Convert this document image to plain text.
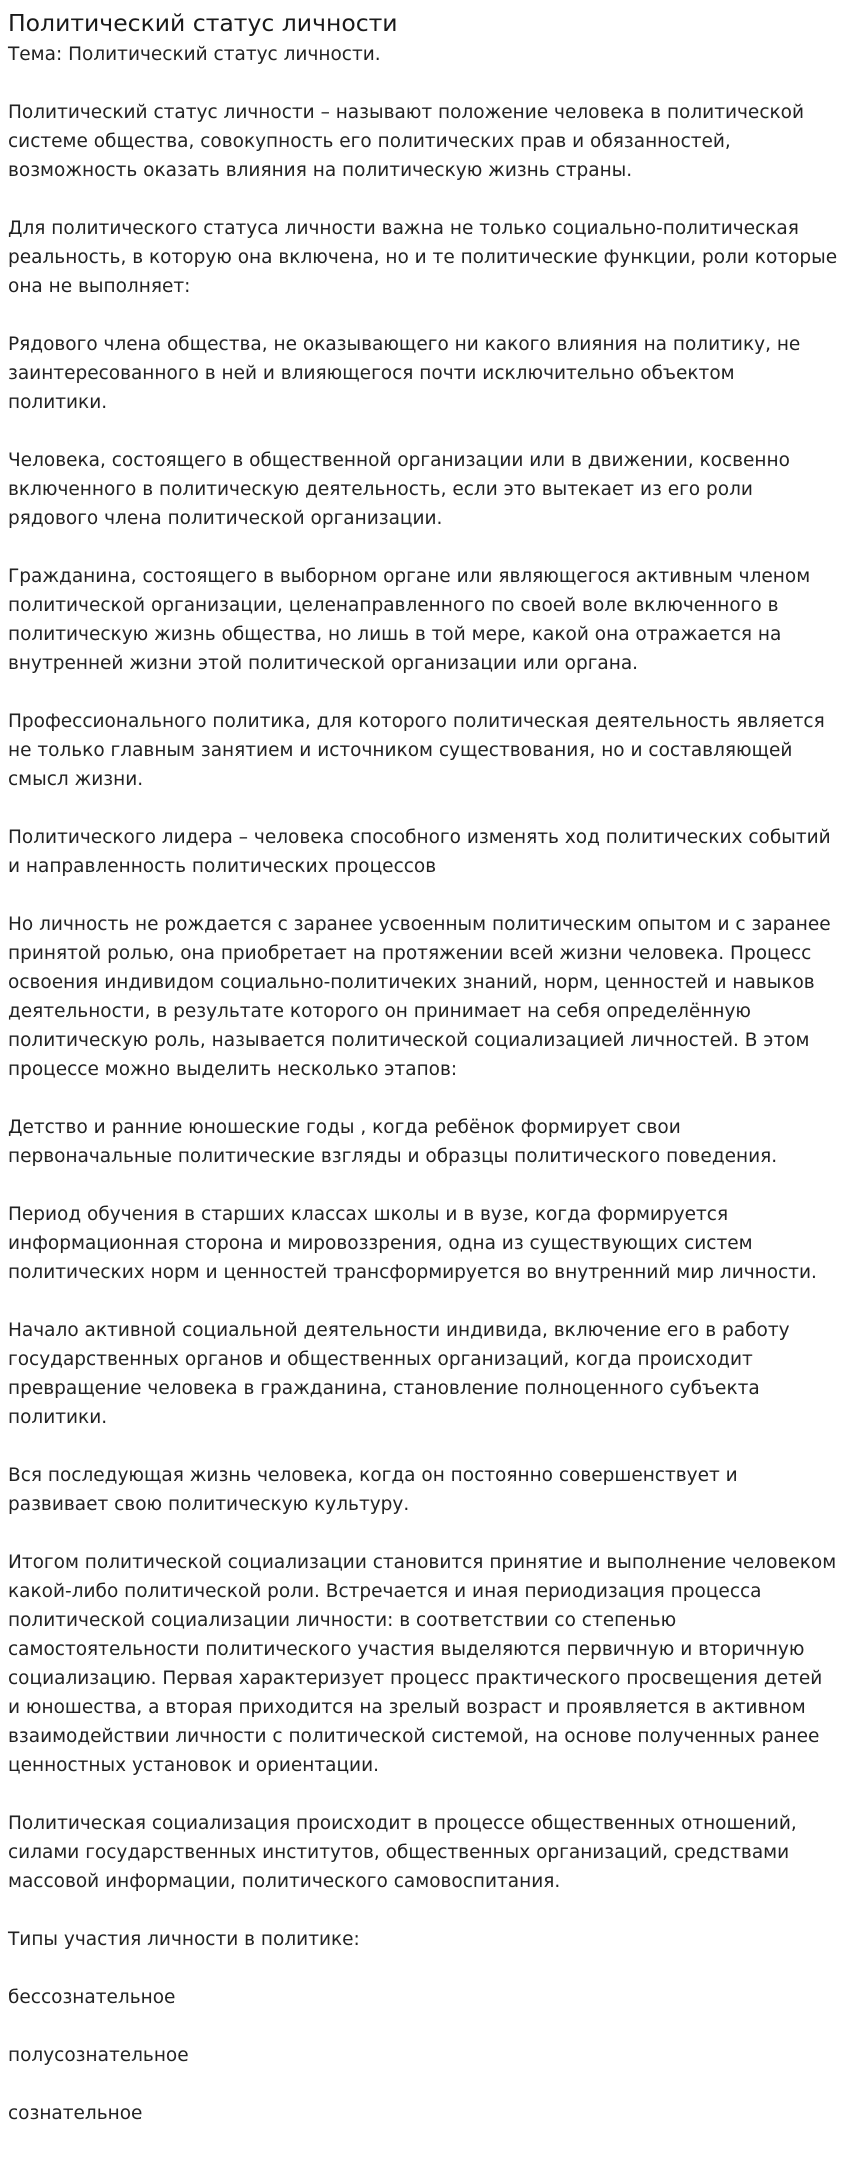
Политический статус личности

Тема: Политический статус личности.

Политический статус личности – называют положение человека в политической системе общества, совокупность его политических прав и обязанностей, возможность оказать влияния на политическую жизнь страны.

Для политического статуса личности важна не только социально-политическая реальность, в которую она включена, но и те политические функции, роли которые она не выполняет:

Рядового члена общества, не оказывающего ни какого влияния на политику, не заинтересованного в ней и влияющегося почти исключительно объектом политики.

Человека, состоящего в общественной организации или в движении, косвенно включенного в политическую деятельность, если это вытекает из его роли рядового члена политической организации.

Гражданина, состоящего в выборном органе или являющегося активным членом политической организации, целенаправленного по своей воле включенного в политическую жизнь общества, но лишь в той мере, какой она отражается на внутренней жизни этой политической организации или органа.

Профессионального политика, для которого политическая деятельность является не только главным занятием и источником существования, но и составляющей смысл жизни.

Политического лидера – человека способного изменять ход политических событий и направленность политических процессов

Но личность не рождается с заранее усвоенным политическим опытом и с заранее принятой ролью, она приобретает на протяжении всей жизни человека. Процесс освоения индивидом социально-политичеких знаний, норм, ценностей и навыков деятельности, в результате которого он принимает на себя определённую политическую роль, называется политической социализацией личностей. В этом процессе можно выделить несколько этапов:

Детство и ранние юношеские годы , когда ребёнок формирует свои первоначальные политические взгляды и образцы политического поведения.

Период обучения в старших классах школы и в вузе, когда формируется информационная сторона и мировоззрения, одна из существующих систем политических норм и ценностей трансформируется во внутренний мир личности.

Начало активной социальной деятельности индивида, включение его в работу государственных органов и общественных организаций, когда происходит превращение человека в гражданина, становление полноценного субъекта политики.

Вся последующая жизнь человека, когда он постоянно совершенствует и развивает свою политическую культуру.

Итогом политической социализации становится принятие и выполнение человеком какой-либо политической роли. Встречается и иная периодизация процесса политической социализации личности: в соответствии со степенью самостоятельности политического участия выделяются первичную и вторичную социализацию. Первая характеризует процесс практического просвещения детей и юношества, а вторая приходится на зрелый возраст и проявляется в активном взаимодействии личности с политической системой, на основе полученных ранее ценностных установок и ориентации.

Политическая социализация происходит в процессе общественных отношений, силами государственных институтов, общественных организаций, средствами массовой информации, политического самовоспитания.

Типы участия личности в политике:

бессознательное
полусознательное
сознательное
